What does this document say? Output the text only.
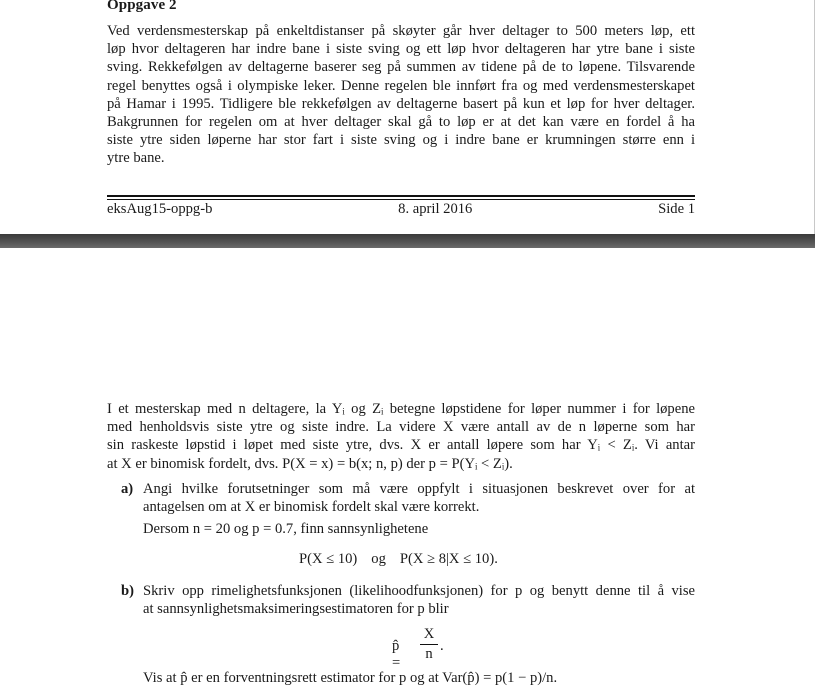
Oppgave 2

Ved verdensmesterskap på enkeltdistanser på skøyter går hver deltager to 500 meters løp, ett
løp hvor deltageren har indre bane i siste sving og ett løp hvor deltageren har ytre bane i siste
sving. Rekkefølgen av deltagerne baserer seg på summen av tidene på de to løpene. Tilsvarende
regel benyttes også i olympiske leker. Denne regelen ble innført fra og med verdensmesterskapet
på Hamar i 1995. Tidligere ble rekkefølgen av deltagerne basert på kun et løp for hver deltager.
Bakgrunnen for regelen om at hver deltager skal gå to løp er at det kan være en fordel å ha
siste ytre siden løperne har stor fart i siste sving og i indre bane er krumningen større enn i
ytre bane.

eksAug15-oppg-b	8. april 2016	Side 1

I et mesterskap med n deltagere, la Yᵢ og Zᵢ betegne løpstidene for løper nummer i for løpene
med henholdsvis siste ytre og siste indre. La videre X være antall av de n løperne som har
sin raskeste løpstid i løpet med siste ytre, dvs. X er antall løpere som har Yᵢ < Zᵢ. Vi antar
at X er binomisk fordelt, dvs. P(X = x) = b(x; n, p) der p = P(Yᵢ < Zᵢ).

a) Angi hvilke forutsetninger som må være oppfylt i situasjonen beskrevet over for at
antagelsen om at X er binomisk fordelt skal være korrekt.
Dersom n = 20 og p = 0.7, finn sannsynlighetene
P(X ≤ 10) og P(X ≥ 8|X ≤ 10).
b) Skriv opp rimelighetsfunksjonen (likelihoodfunksjonen) for p og benytt denne til å vise
at sannsynlighetsmaksimeringsestimatoren for p blir
p̂ =
X
n .
Vis at p̂ er en forventningsrett estimator for p og at Var(p̂) = p(1 − p)/n.
